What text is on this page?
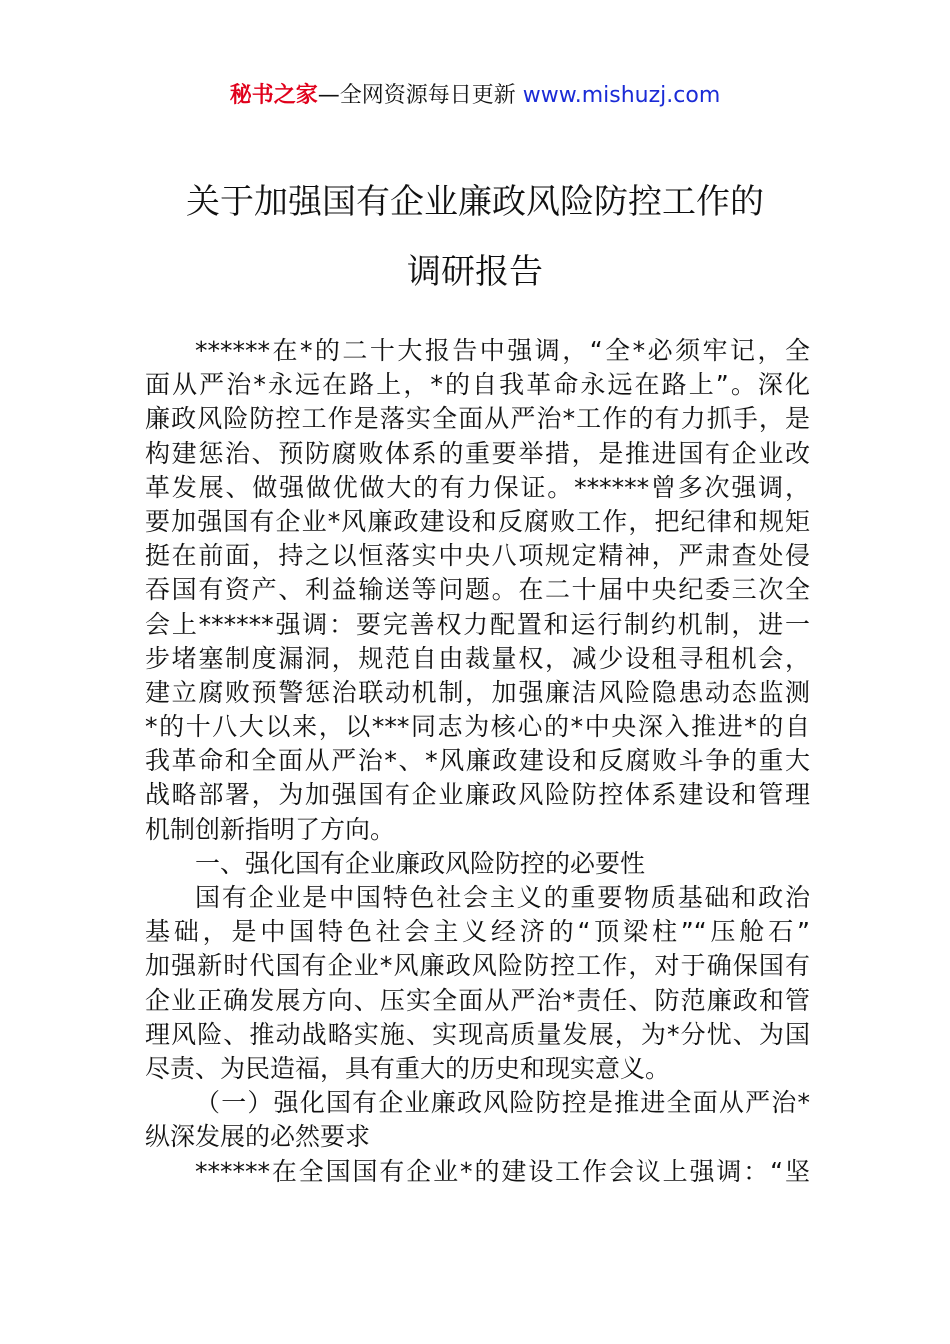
秘书之家—全网资源每日更新 www.mishuzj.com
关于加强国有企业廉政风险防控工作的
调研报告
******在*的二十大报告中强调，“全*必须牢记，全
面从严治*永远在路上，*的自我革命永远在路上”。深化
廉政风险防控工作是落实全面从严治*工作的有力抓手，是
构建惩治、预防腐败体系的重要举措，是推进国有企业改
革发展、做强做优做大的有力保证。******曾多次强调，
要加强国有企业*风廉政建设和反腐败工作，把纪律和规矩
挺在前面，持之以恒落实中央八项规定精神，严肃查处侵
吞国有资产、利益输送等问题。在二十届中央纪委三次全
会上******强调：要完善权力配置和运行制约机制，进一
步堵塞制度漏洞，规范自由裁量权，减少设租寻租机会，
建立腐败预警惩治联动机制，加强廉洁风险隐患动态监测
*的十八大以来，以***同志为核心的*中央深入推进*的自
我革命和全面从严治*、*风廉政建设和反腐败斗争的重大
战略部署，为加强国有企业廉政风险防控体系建设和管理
机制创新指明了方向。
一、强化国有企业廉政风险防控的必要性
国有企业是中国特色社会主义的重要物质基础和政治
基础，是中国特色社会主义经济的“顶梁柱”“压舱石”
加强新时代国有企业*风廉政风险防控工作，对于确保国有
企业正确发展方向、压实全面从严治*责任、防范廉政和管
理风险、推动战略实施、实现高质量发展，为*分忧、为国
尽责、为民造福，具有重大的历史和现实意义。
（一）强化国有企业廉政风险防控是推进全面从严治*
纵深发展的必然要求
******在全国国有企业*的建设工作会议上强调：“坚
